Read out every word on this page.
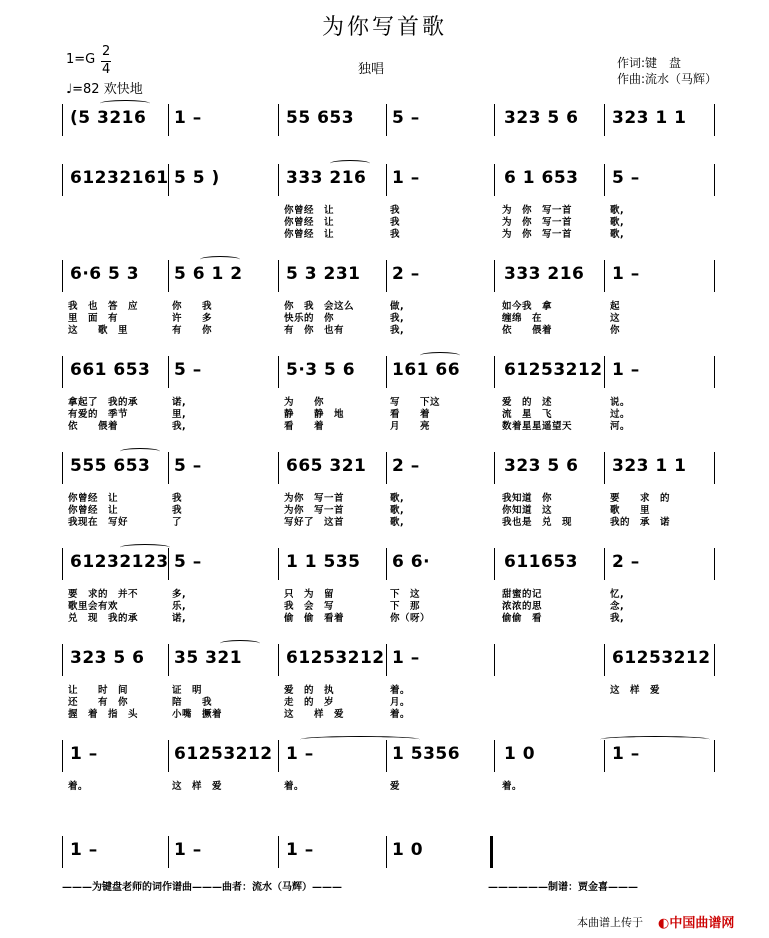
为你写首歌
1=G
2
4
♩=82 欢快地
独唱	作词:键　盘
作曲:流水（马辉）
(5 3216 1 –	55 653 5 –	323 5 6 323 1 1
61232161 5 5 )	333 216 1 –	6 1 653 5 –
你曾经　让	我	为　你　写一首	歌,
你曾经　让	我	为　你　写一首	歌,
你曾经　让	我	为　你　写一首	歌,
6·6 5 3 5 6 1 2	5 3 231 2 –	333 216 1 –
我　也　答　应	你　　我	你　我　会这么	做,	如今我　拿	起
里　面　有	许　　多	快乐的　你	我,	缠绵　在	这
这　　歌　里	有　　你	有　你　也有	我,	依　　偎着	你
661 653 5 –	5·3 5 6 161 66	61253212 1 –
拿起了　我的承	诺,	为　　你	写　　下这	爱　的　述	说。
有爱的　季节	里,	静　　静　地	看　　着	流　星　飞	过。
依　　偎着	我,	看　　着	月　　亮	数着星星遥望天	河。
555 653 5 –	665 321 2 –	323 5 6 323 1 1
你曾经　让	我	为你　写一首	歌,	我知道　你	要　　求　的
你曾经　让	我	为你　写一首	歌,	你知道　这	歌　　里
我现在　写好	了	写好了　这首	歌,	我也是　兑　现	我的　承　诺
61232123 5 –	1 1 535 6 6·	611653 2 –
要　求的　并不	多,	只　为　留	下　这	甜蜜的记	忆,
歌里会有欢	乐,	我　会　写	下　那	浓浓的思	念,
兑　现　我的承	诺,	偷　偷　看着	你（呀）	偷偷　看	我,
323 5 6 35 321	61253212 1 –	61253212
让　　时　间	证　明	爱　的　执	着。	这　样　爱
还　　有　你	陪　　我	走　的　岁	月。
握　着　指　头	小嘴　撅着	这　　样　爱	着。
1 –	61253212 1 –	1 5356	1 0	1 –
着。	这　样　爱	着。	爱	着。
1 –	1 –	1 –	1 0
———为键盘老师的词作谱曲———曲者：流水（马辉）———	——————制谱：贾金喜———
本曲谱上传于 ◐中国曲谱网
